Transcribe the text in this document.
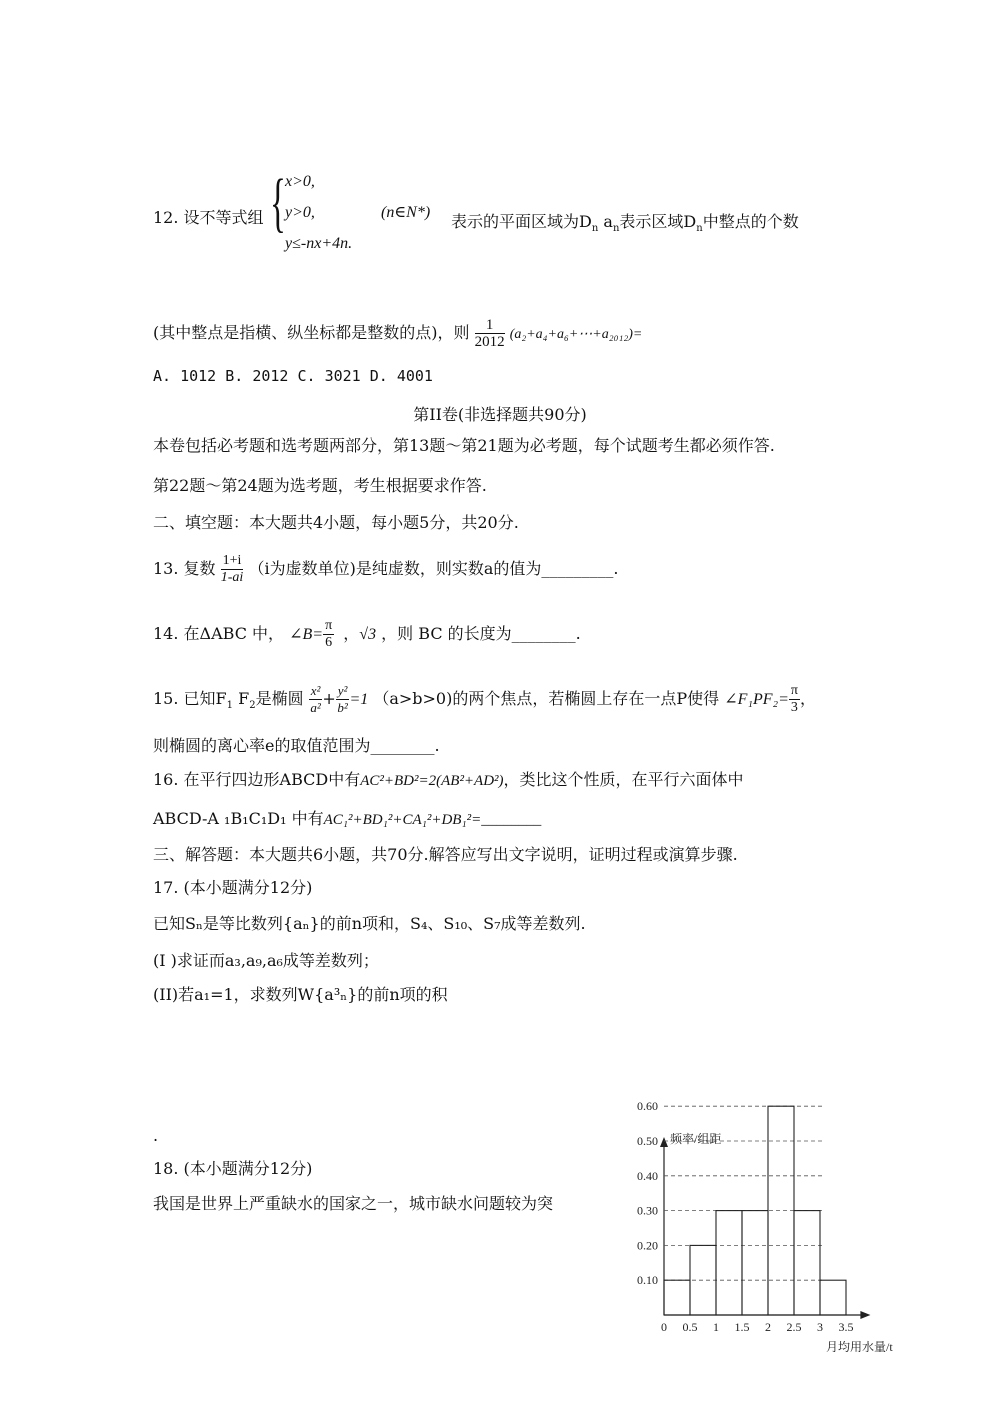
12. 设不等式组 { x>0,
y>0,
y≤-nx+4n.
(n∈N*) 表示的平面区域为$D_n$ $a_n$表示区域$D_n$中整点的个数
(其中整点是指横、纵坐标都是整数的点)，则 $\frac{1}{2012}$ (a₂+a₄+a₆+⋯+a₂₀₁₂)=
A. 1012 B. 2012 C. 3021 D. 4001
第II卷(非选择题共90分)
本卷包括必考题和选考题两部分，第13题〜第21题为必考题，每个试题考生都必须作答.
第22题〜第24题为选考题，考生根据要求作答.
二、填空题：本大题共4小题，每小题5分，共20分.
13. 复数 $\frac{1+i}{1-ai} (i$为虚数单位)是纯虚数，则实数a的值为_________.
14. 在ΔABC 中， ∠B= $\frac{\pi}{6}$ ，√3 ，则 BC 的长度为________.
15. 已知$F_1$ $F_2$是椭圆 $\frac{\text{x²}}{\text{a²}} + \frac{\text{y²}}{\text{b²}} =1$ （a>b>0)的两个焦点，若椭圆上存在一点P使得 ∠F₁PF₂= $\frac{\pi}{3}$ ，
则椭圆的离心率e的取值范围为________.
16. 在平行四边形ABCD中有AC²+BD²=2(AB²+AD²)，类比这个性质，在平行六面体中
ABCD-A ₁B₁C₁D₁ 中有AC₁²+BD₁²+CA₁²+DB₁²=________
三、解答题：本大题共6小题，共70分.解答应写出文字说明，证明过程或演算步骤.
17. (本小题满分12分)
已知Sₙ是等比数列{aₙ}的前n项和，S₄、S₁₀、S₇成等差数列.
(I )求证而a₃,a₉,a₆成等差数列；
(II)若a₁=1，求数列W{a³ₙ}的前n项的积
.
18. (本小题满分12分)
我国是世界上严重缺水的国家之一，城市缺水问题较为突
0.10
0.20
0.30
0.40
0.50
0.60
0 0.5 1 1.5 2 2.5 3 3.5
频率/组距
月均用水量/t
